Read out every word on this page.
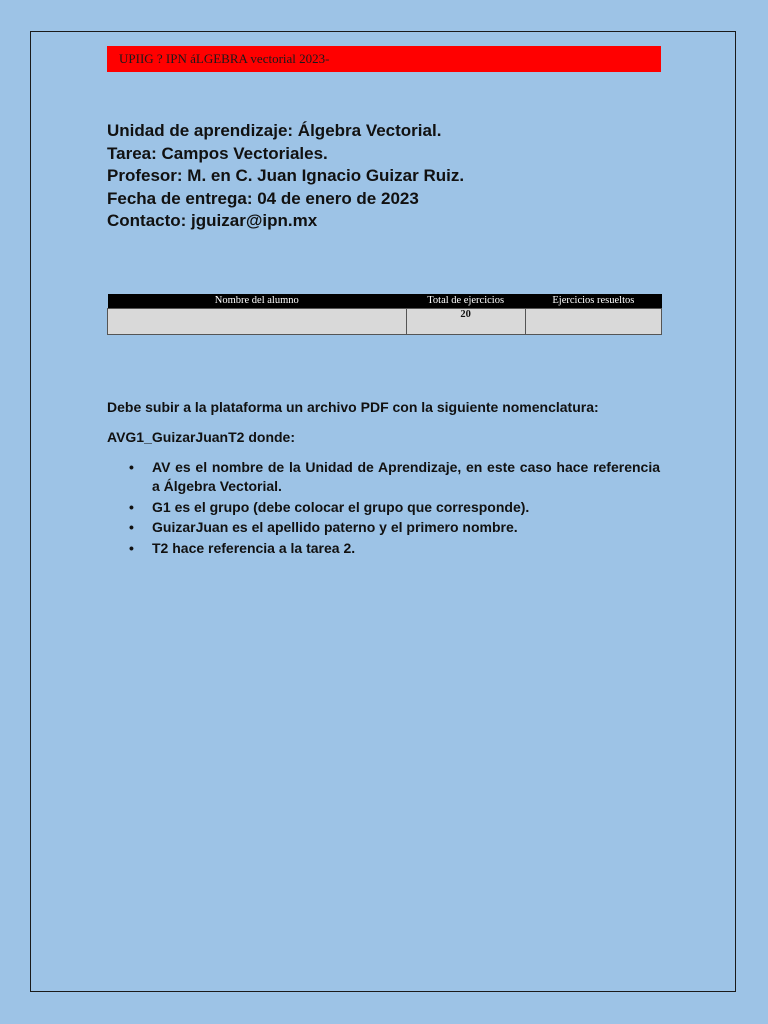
UPIIG ? IPN áLGEBRA vectorial 2023-
Unidad de aprendizaje: Álgebra Vectorial.
Tarea: Campos Vectoriales.
Profesor: M. en C. Juan Ignacio Guizar Ruiz.
Fecha de entrega: 04 de enero de 2023
Contacto: jguizar@ipn.mx
Nombre del alumno	Total de ejercicios	Ejercicios resueltos
	20	

Debe subir a la plataforma un archivo PDF con la siguiente nomenclatura:

AVG1_GuizarJuanT2 donde:

• AV es el nombre de la Unidad de Aprendizaje, en este caso hace referencia a Álgebra Vectorial.
• G1 es el grupo (debe colocar el grupo que corresponde).
• GuizarJuan es el apellido paterno y el primero nombre.
• T2 hace referencia a la tarea 2.
